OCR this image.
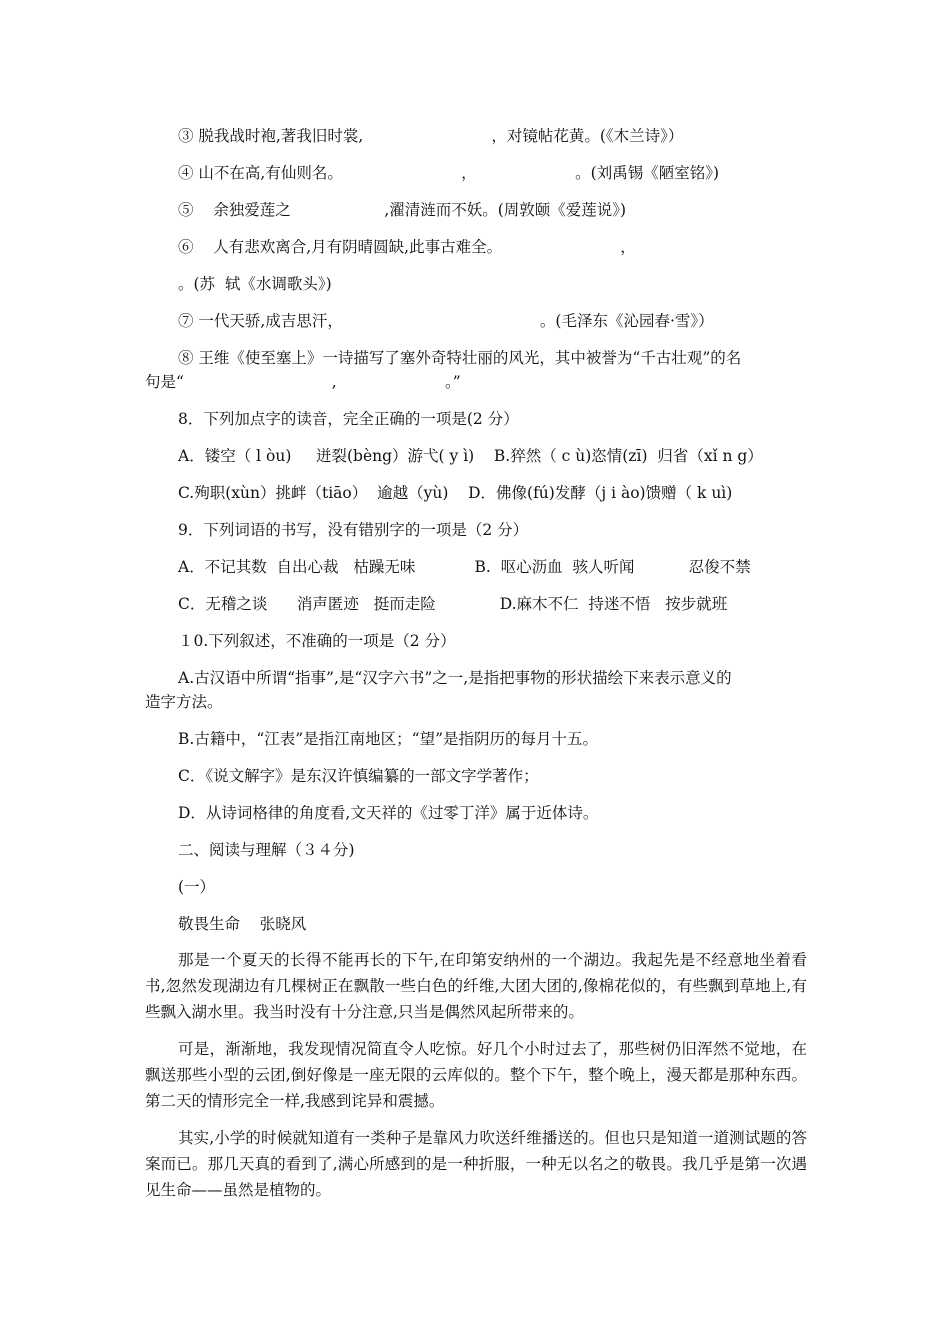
③ 脱我战时袍,著我旧时裳,                          ，对镜帖花黄。(《木兰诗》）
④ 山不在高,有仙则名。                        ，                    。(刘禹锡《陋室铭》)
⑤    余独爱莲之                   ,濯清涟而不妖。(周敦颐《爱莲说》)
⑥    人有悲欢离合,月有阴晴圆缺,此事古难全。                        ，
。(苏  轼《水调歌头》)
⑦ 一代天骄,成吉思汗，                                        。(毛泽东《沁园春·雪》）
⑧ 王维《使至塞上》一诗描写了塞外奇特壮丽的风光，其中被誉为“千古壮观”的名
句是“                              ,                      。”
8．下列加点字的读音，完全正确的一项是(2 分）
A．镂空（ l òu)     迸裂(bèng）游弋( y ì)    B.猝然（ c ù)恣情(zī)  归省（xǐ n g）
C.殉职(xùn）挑衅（tiāo）  逾越（yù)    D．佛像(fú)发酵（j i ào)馈赠（ k uì)
9．下列词语的书写，没有错别字的一项是（2 分）
A．不记其数  自出心裁   枯躁无味            B.  呕心沥血  骇人听闻           忍俊不禁
C．无稽之谈      消声匿迹   挺而走险             D.麻木不仁  持迷不悟   按步就班
１0.下列叙述，不准确的一项是（2 分）
A.古汉语中所谓“指事”,是“汉字六书”之一,是指把事物的形状描绘下来表示意义的
造字方法。
B.古籍中，“江表”是指江南地区；“望”是指阴历的每月十五。
C．《说文解字》是东汉许慎编纂的一部文字学著作；
D．从诗词格律的角度看,文天祥的《过零丁洋》属于近体诗。
二、阅读与理解（３４分)
(一）
敬畏生命    张晓风
那是一个夏天的长得不能再长的下午,在印第安纳州的一个湖边。我起先是不经意地坐着看书,忽然发现湖边有几棵树正在飘散一些白色的纤维,大团大团的,像棉花似的，有些飘到草地上,有些飘入湖水里。我当时没有十分注意,只当是偶然风起所带来的。
可是，渐渐地，我发现情况简直令人吃惊。好几个小时过去了，那些树仍旧浑然不觉地，在飘送那些小型的云团,倒好像是一座无限的云库似的。整个下午，整个晚上，漫天都是那种东西。第二天的情形完全一样,我感到诧异和震撼。
其实,小学的时候就知道有一类种子是靠风力吹送纤维播送的。但也只是知道一道测试题的答案而已。那几天真的看到了,满心所感到的是一种折服，一种无以名之的敬畏。我几乎是第一次遇见生命——虽然是植物的。
